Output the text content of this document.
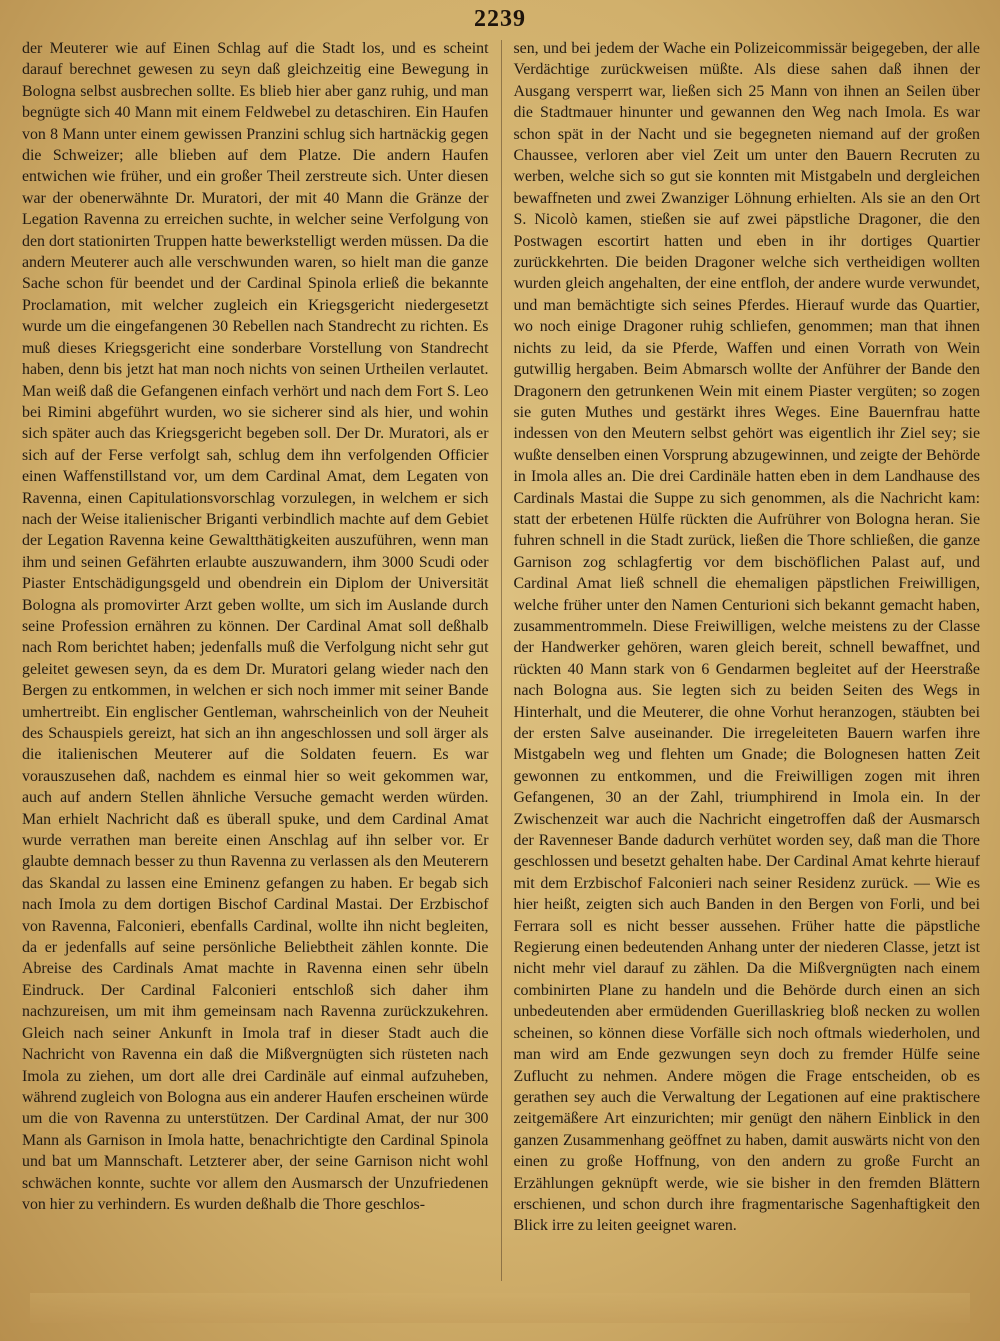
2239
der Meuterer wie auf Einen Schlag auf die Stadt los, und es scheint darauf berechnet gewesen zu seyn daß gleichzeitig eine Bewegung in Bologna selbst ausbrechen sollte. Es blieb hier aber ganz ruhig, und man begnügte sich 40 Mann mit einem Feldwebel zu detaschiren. Ein Haufen von 8 Mann unter einem gewissen Pranzini schlug sich hartnäckig gegen die Schweizer; alle blieben auf dem Platze. Die andern Haufen entwichen wie früher, und ein großer Theil zerstreute sich. Unter diesen war der obenerwähnte Dr. Muratori, der mit 40 Mann die Gränze der Legation Ravenna zu erreichen suchte, in welcher seine Verfolgung von den dort stationirten Truppen hatte bewerkstelligt werden müssen. Da die andern Meuterer auch alle verschwunden waren, so hielt man die ganze Sache schon für beendet und der Cardinal Spinola erließ die bekannte Proclamation, mit welcher zugleich ein Kriegsgericht niedergesetzt wurde um die eingefangenen 30 Rebellen nach Standrecht zu richten. Es muß dieses Kriegsgericht eine sonderbare Vorstellung von Standrecht haben, denn bis jetzt hat man noch nichts von seinen Urtheilen verlautet. Man weiß daß die Gefangenen einfach verhört und nach dem Fort S. Leo bei Rimini abgeführt wurden, wo sie sicherer sind als hier, und wohin sich später auch das Kriegsgericht begeben soll. Der Dr. Muratori, als er sich auf der Ferse verfolgt sah, schlug dem ihn verfolgenden Officier einen Waffenstillstand vor, um dem Cardinal Amat, dem Legaten von Ravenna, einen Capitulationsvorschlag vorzulegen, in welchem er sich nach der Weise italienischer Briganti verbindlich machte auf dem Gebiet der Legation Ravenna keine Gewaltthätigkeiten auszuführen, wenn man ihm und seinen Gefährten erlaubte auszuwandern, ihm 3000 Scudi oder Piaster Entschädigungsgeld und obendrein ein Diplom der Universität Bologna als promovirter Arzt geben wollte, um sich im Auslande durch seine Profession ernähren zu können. Der Cardinal Amat soll deßhalb nach Rom berichtet haben; jedenfalls muß die Verfolgung nicht sehr gut geleitet gewesen seyn, da es dem Dr. Muratori gelang wieder nach den Bergen zu entkommen, in welchen er sich noch immer mit seiner Bande umhertreibt. Ein englischer Gentleman, wahrscheinlich von der Neuheit des Schauspiels gereizt, hat sich an ihn angeschlossen und soll ärger als die italienischen Meuterer auf die Soldaten feuern. Es war vorauszusehen daß, nachdem es einmal hier so weit gekommen war, auch auf andern Stellen ähnliche Versuche gemacht werden würden. Man erhielt Nachricht daß es überall spuke, und dem Cardinal Amat wurde verrathen man bereite einen Anschlag auf ihn selber vor. Er glaubte demnach besser zu thun Ravenna zu verlassen als den Meuterern das Skandal zu lassen eine Eminenz gefangen zu haben. Er begab sich nach Imola zu dem dortigen Bischof Cardinal Mastai. Der Erzbischof von Ravenna, Falconieri, ebenfalls Cardinal, wollte ihn nicht begleiten, da er jedenfalls auf seine persönliche Beliebtheit zählen konnte. Die Abreise des Cardinals Amat machte in Ravenna einen sehr übeln Eindruck. Der Cardinal Falconieri entschloß sich daher ihm nachzureisen, um mit ihm gemeinsam nach Ravenna zurückzukehren. Gleich nach seiner Ankunft in Imola traf in dieser Stadt auch die Nachricht von Ravenna ein daß die Mißvergnügten sich rüsteten nach Imola zu ziehen, um dort alle drei Cardinäle auf einmal aufzuheben, während zugleich von Bologna aus ein anderer Haufen erscheinen würde um die von Ravenna zu unterstützen. Der Cardinal Amat, der nur 300 Mann als Garnison in Imola hatte, benachrichtigte den Cardinal Spinola und bat um Mannschaft. Letzterer aber, der seine Garnison nicht wohl schwächen konnte, suchte vor allem den Ausmarsch der Unzufriedenen von hier zu verhindern. Es wurden deßhalb die Thore geschlos-
sen, und bei jedem der Wache ein Polizeicommissär beigegeben, der alle Verdächtige zurückweisen müßte. Als diese sahen daß ihnen der Ausgang versperrt war, ließen sich 25 Mann von ihnen an Seilen über die Stadtmauer hinunter und gewannen den Weg nach Imola. Es war schon spät in der Nacht und sie begegneten niemand auf der großen Chaussee, verloren aber viel Zeit um unter den Bauern Recruten zu werben, welche sich so gut sie konnten mit Mistgabeln und dergleichen bewaffneten und zwei Zwanziger Löhnung erhielten. Als sie an den Ort S. Nicolò kamen, stießen sie auf zwei päpstliche Dragoner, die den Postwagen escortirt hatten und eben in ihr dortiges Quartier zurückkehrten. Die beiden Dragoner welche sich vertheidigen wollten wurden gleich angehalten, der eine entfloh, der andere wurde verwundet, und man bemächtigte sich seines Pferdes. Hierauf wurde das Quartier, wo noch einige Dragoner ruhig schliefen, genommen; man that ihnen nichts zu leid, da sie Pferde, Waffen und einen Vorrath von Wein gutwillig hergaben. Beim Abmarsch wollte der Anführer der Bande den Dragonern den getrunkenen Wein mit einem Piaster vergüten; so zogen sie guten Muthes und gestärkt ihres Weges. Eine Bauernfrau hatte indessen von den Meutern selbst gehört was eigentlich ihr Ziel sey; sie wußte denselben einen Vorsprung abzugewinnen, und zeigte der Behörde in Imola alles an. Die drei Cardinäle hatten eben in dem Landhause des Cardinals Mastai die Suppe zu sich genommen, als die Nachricht kam: statt der erbetenen Hülfe rückten die Aufrührer von Bologna heran. Sie fuhren schnell in die Stadt zurück, ließen die Thore schließen, die ganze Garnison zog schlagfertig vor dem bischöflichen Palast auf, und Cardinal Amat ließ schnell die ehemaligen päpstlichen Freiwilligen, welche früher unter den Namen Centurioni sich bekannt gemacht haben, zusammentrommeln. Diese Freiwilligen, welche meistens zu der Classe der Handwerker gehören, waren gleich bereit, schnell bewaffnet, und rückten 40 Mann stark von 6 Gendarmen begleitet auf der Heerstraße nach Bologna aus. Sie legten sich zu beiden Seiten des Wegs in Hinterhalt, und die Meuterer, die ohne Vorhut heranzogen, stäubten bei der ersten Salve auseinander. Die irregeleiteten Bauern warfen ihre Mistgabeln weg und flehten um Gnade; die Bolognesen hatten Zeit gewonnen zu entkommen, und die Freiwilligen zogen mit ihren Gefangenen, 30 an der Zahl, triumphirend in Imola ein. In der Zwischenzeit war auch die Nachricht eingetroffen daß der Ausmarsch der Ravenneser Bande dadurch verhütet worden sey, daß man die Thore geschlossen und besetzt gehalten habe. Der Cardinal Amat kehrte hierauf mit dem Erzbischof Falconieri nach seiner Residenz zurück. — Wie es hier heißt, zeigten sich auch Banden in den Bergen von Forli, und bei Ferrara soll es nicht besser aussehen. Früher hatte die päpstliche Regierung einen bedeutenden Anhang unter der niederen Classe, jetzt ist nicht mehr viel darauf zu zählen. Da die Mißvergnügten nach einem combinirten Plane zu handeln und die Behörde durch einen an sich unbedeutenden aber ermüdenden Guerillaskrieg bloß necken zu wollen scheinen, so können diese Vorfälle sich noch oftmals wiederholen, und man wird am Ende gezwungen seyn doch zu fremder Hülfe seine Zuflucht zu nehmen. Andere mögen die Frage entscheiden, ob es gerathen sey auch die Verwaltung der Legationen auf eine praktischere zeitgemäßere Art einzurichten; mir genügt den nähern Einblick in den ganzen Zusammenhang geöffnet zu haben, damit auswärts nicht von den einen zu große Hoffnung, von den andern zu große Furcht an Erzählungen geknüpft werde, wie sie bisher in den fremden Blättern erschienen, und schon durch ihre fragmentarische Sagenhaftigkeit den Blick irre zu leiten geeignet waren.
